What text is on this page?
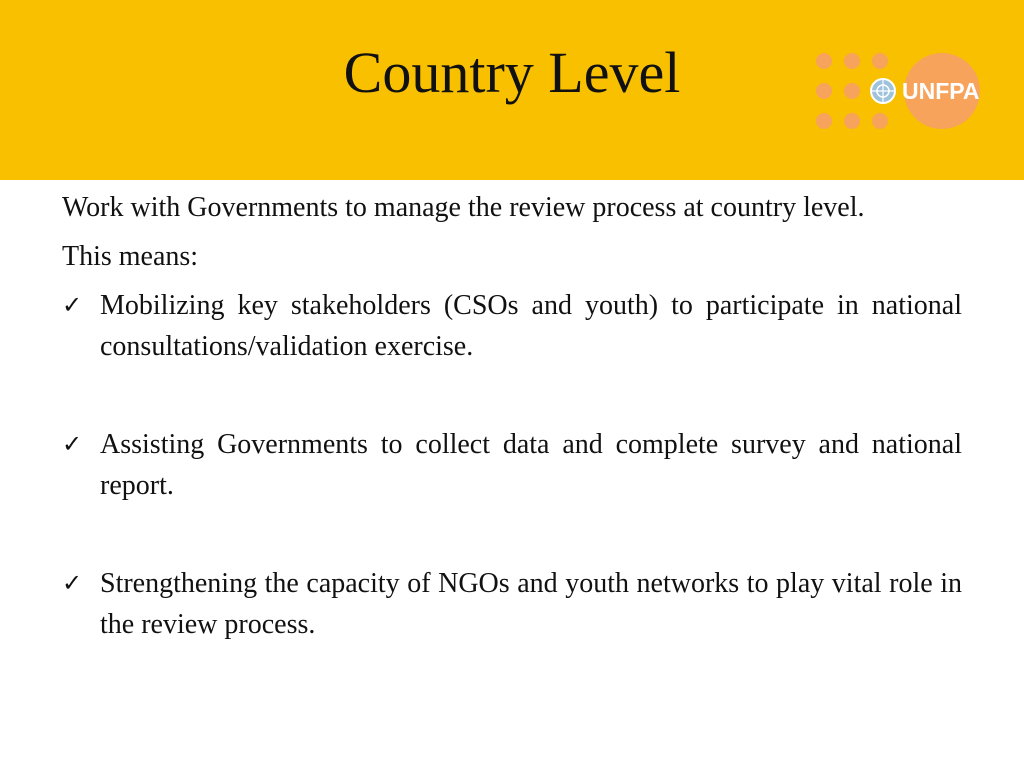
Country Level	UNFPA

Work with Governments to manage the review process at country level.

This means:

✓ Mobilizing key stakeholders (CSOs and youth) to participate in national consultations/validation exercise.
✓ Assisting Governments to collect data and complete survey and national report.
✓ Strengthening the capacity of NGOs and youth networks to play vital role in the review process.
